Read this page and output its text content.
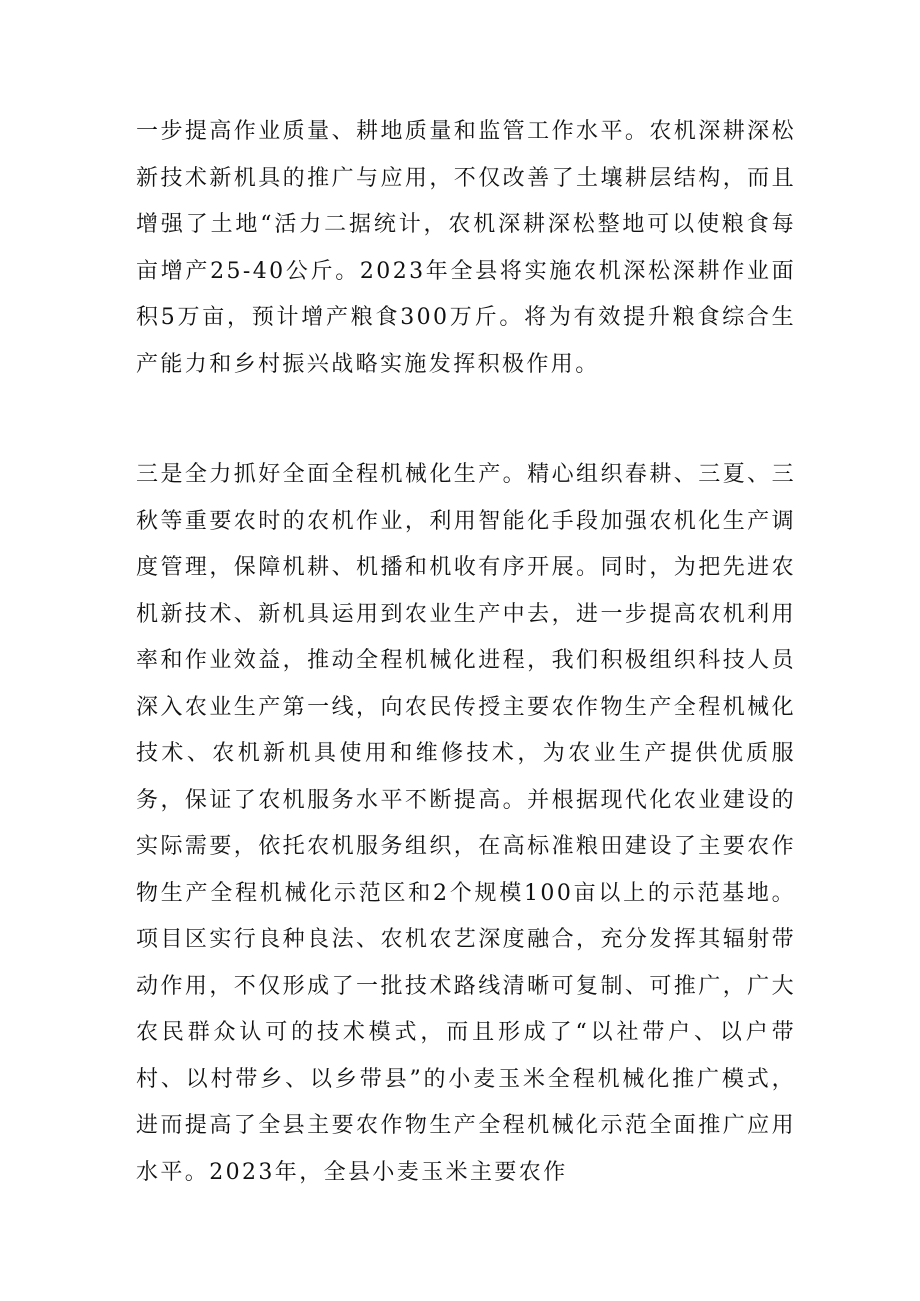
一步提高作业质量、耕地质量和监管工作水平。农机深耕深松新技术新机具的推广与应用，不仅改善了土壤耕层结构，而且增强了土地“活力二据统计，农机深耕深松整地可以使粮食每亩增产25-40公斤。2023年全县将实施农机深松深耕作业面积5万亩，预计增产粮食300万斤。将为有效提升粮食综合生产能力和乡村振兴战略实施发挥积极作用。

三是全力抓好全面全程机械化生产。精心组织春耕、三夏、三秋等重要农时的农机作业，利用智能化手段加强农机化生产调度管理，保障机耕、机播和机收有序开展。同时，为把先进农机新技术、新机具运用到农业生产中去，进一步提高农机利用率和作业效益，推动全程机械化进程，我们积极组织科技人员深入农业生产第一线，向农民传授主要农作物生产全程机械化技术、农机新机具使用和维修技术，为农业生产提供优质服务，保证了农机服务水平不断提高。并根据现代化农业建设的实际需要，依托农机服务组织，在高标准粮田建设了主要农作物生产全程机械化示范区和2个规模100亩以上的示范基地。项目区实行良种良法、农机农艺深度融合，充分发挥其辐射带动作用，不仅形成了一批技术路线清晰可复制、可推广，广大农民群众认可的技术模式，而且形成了“以社带户、以户带村、以村带乡、以乡带县”的小麦玉米全程机械化推广模式，进而提高了全县主要农作物生产全程机械化示范全面推广应用水平。2023年，全县小麦玉米主要农作
